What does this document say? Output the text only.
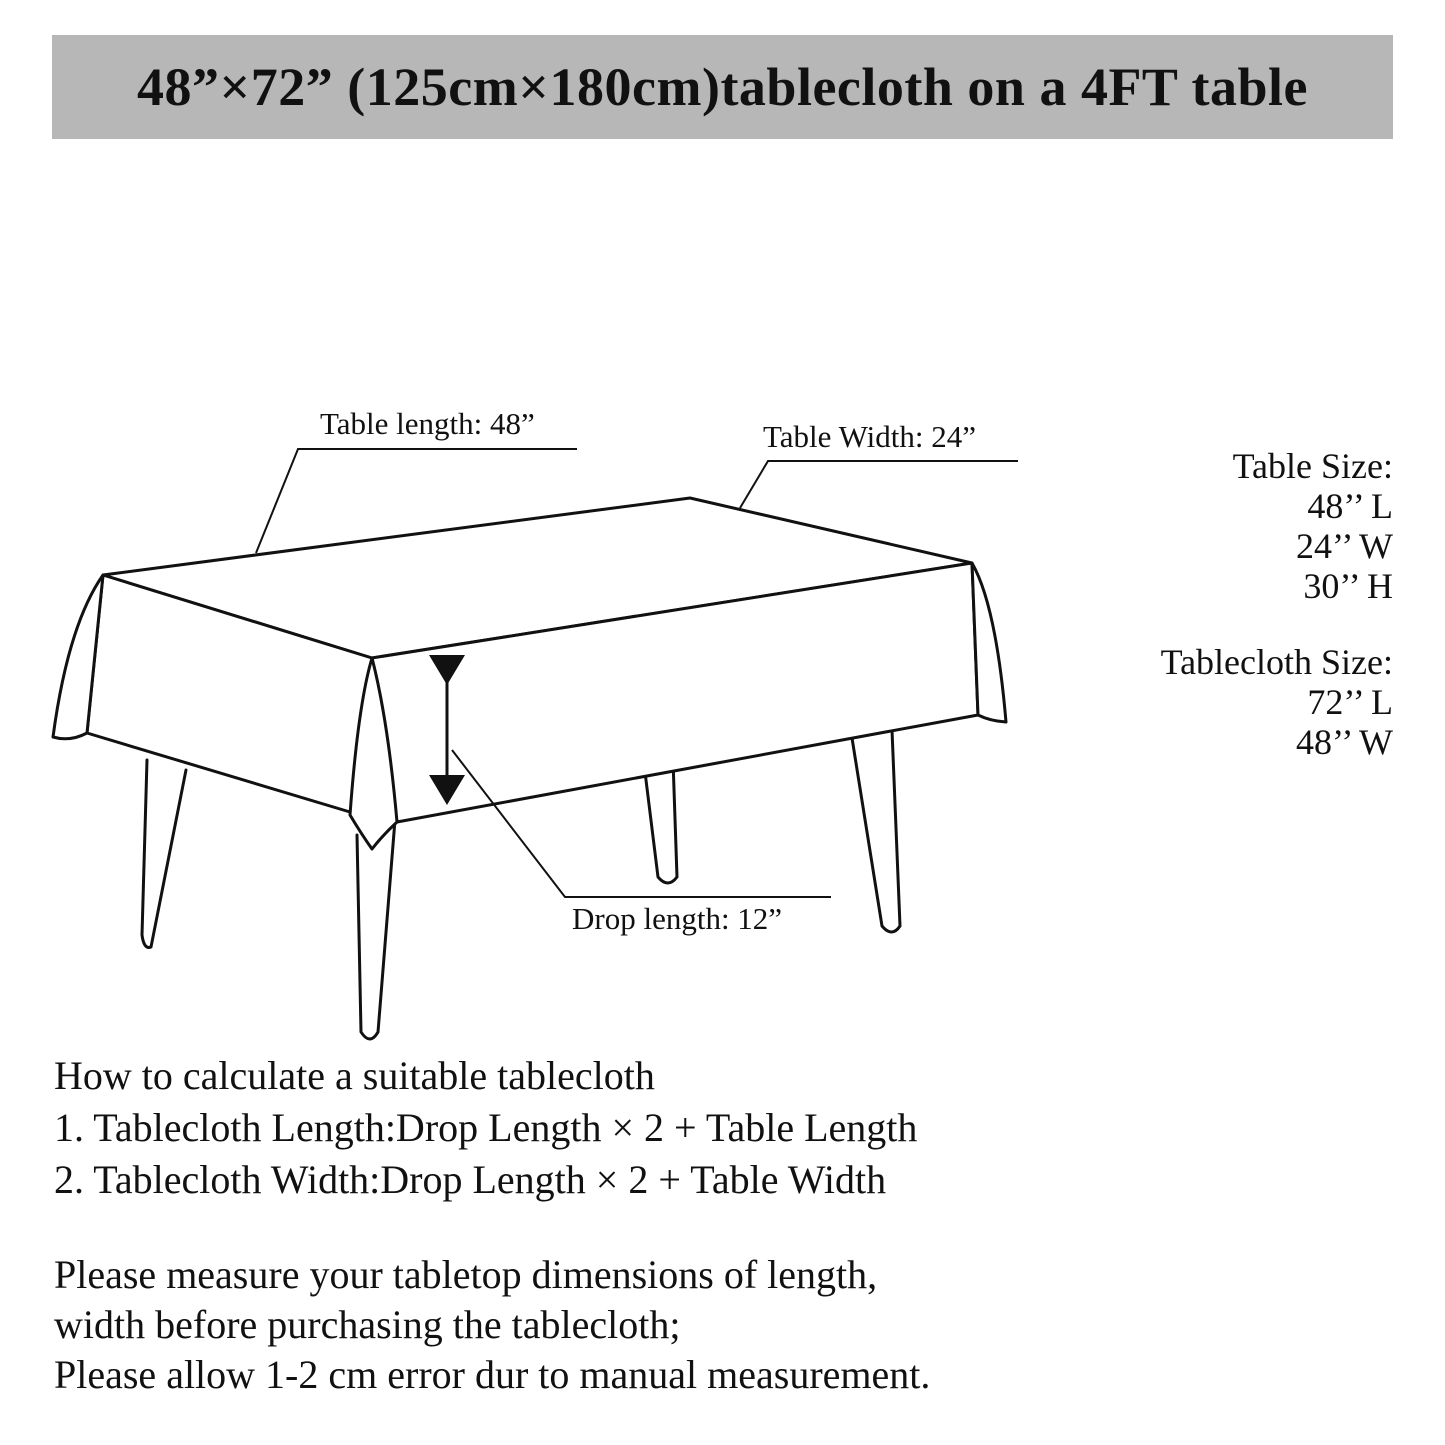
48”×72” (125cm×180cm)tablecloth on a 4FT table
Table length: 48”	Table Width: 24”
Drop length: 12”
Table Size:
48’’ L
24’’ W
30’’ H
Tablecloth Size:
72’’ L
48’’ W
How to calculate a suitable tablecloth
1. Tablecloth Length:Drop Length × 2 + Table Length
2. Tablecloth Width:Drop Length × 2 + Table Width
Please measure your tabletop dimensions of length,
width before purchasing the tablecloth;
Please allow 1-2 cm error dur to manual measurement.
